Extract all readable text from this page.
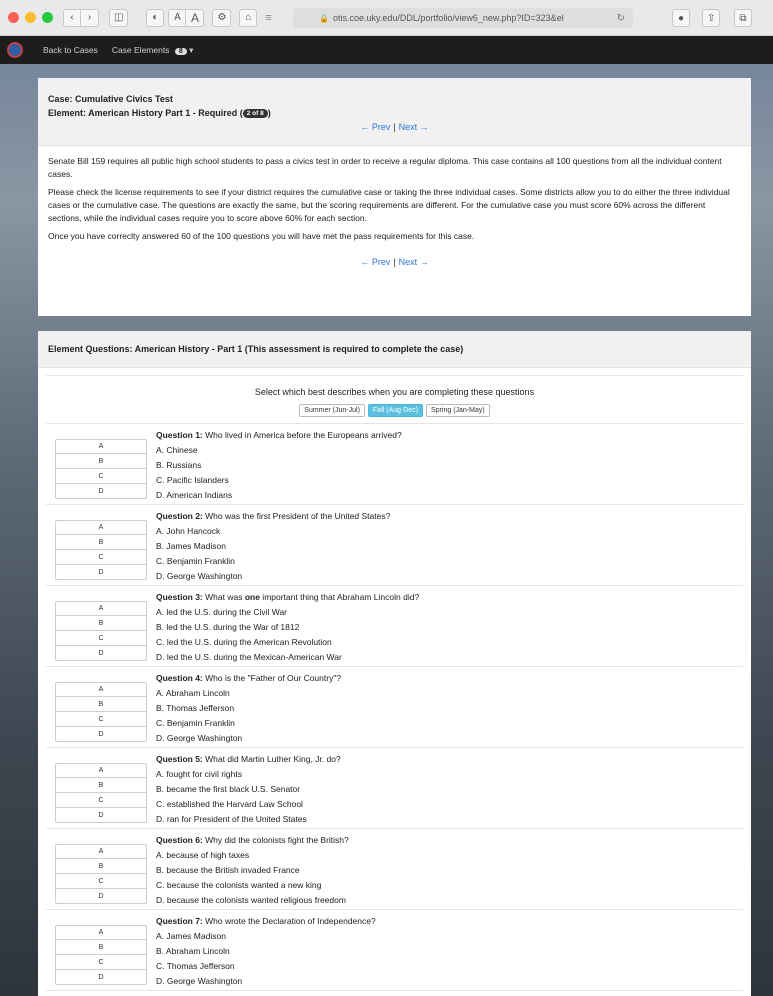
‹	›	◫	◐	A A	⚙	⌂	≡	🔒 otis.coe.uky.edu/DDL/portfolio/view6_new.php?ID=323&el	↻	●	⇧	⧉
Back to Cases Case Elements 8 ▾
Case: Cumulative Civics Test
Element: American History Part 1 - Required ( 2 of 8 )
← Prev | Next →

Senate Bill 159 requires all public high school students to pass a civics test in order to receive a regular diploma. This case contains all 100 questions from all the individual content cases.

Please check the license requirements to see if your district requires the cumulative case or taking the three individual cases. Some districts allow you to do either the three individual cases or the cumulative case. The questions are exactly the same, but the scoring requirements are different. For the cumulative case you must score 60% across the different sections, while the individual cases require you to score above 60% for each section.

Once you have correclty answered 60 of the 100 questions you will have met the pass requirements for this case.

← Prev | Next →
Element Questions: American History - Part 1 (This assessment is required to complete the case)
Select which best describes when you are completing these questions
Summer (Jun-Jul)	Fall (Aug-Dec)	Spring (Jan-May)
A
B
C
D
Question 1: Who lived in America before the Europeans arrived?
A. Chinese
B. Russians
C. Pacific Islanders
D. American Indians
A
B
C
D
Question 2: Who was the first President of the United States?
A. John Hancock
B. James Madison
C. Benjamin Franklin
D. George Washington
A
B
C
D
Question 3: What was one important thing that Abraham Lincoln did?
A. led the U.S. during the Civil War
B. led the U.S. during the War of 1812
C. led the U.S. during the American Revolution
D. led the U.S. during the Mexican-American War
A
B
C
D
Question 4: Who is the "Father of Our Country"?
A. Abraham Lincoln
B. Thomas Jefferson
C. Benjamin Franklin
D. George Washington
A
B
C
D
Question 5: What did Martin Luther King, Jr. do?
A. fought for civil rights
B. became the first black U.S. Senator
C. established the Harvard Law School
D. ran for President of the United States
A
B
C
D
Question 6: Why did the colonists fight the British?
A. because of high taxes
B. because the British invaded France
C. because the colonists wanted a new king
D. because the colonists wanted religious freedom
A
B
C
D
Question 7: Who wrote the Declaration of Independence?
A. James Madison
B. Abraham Lincoln
C. Thomas Jefferson
D. George Washington
